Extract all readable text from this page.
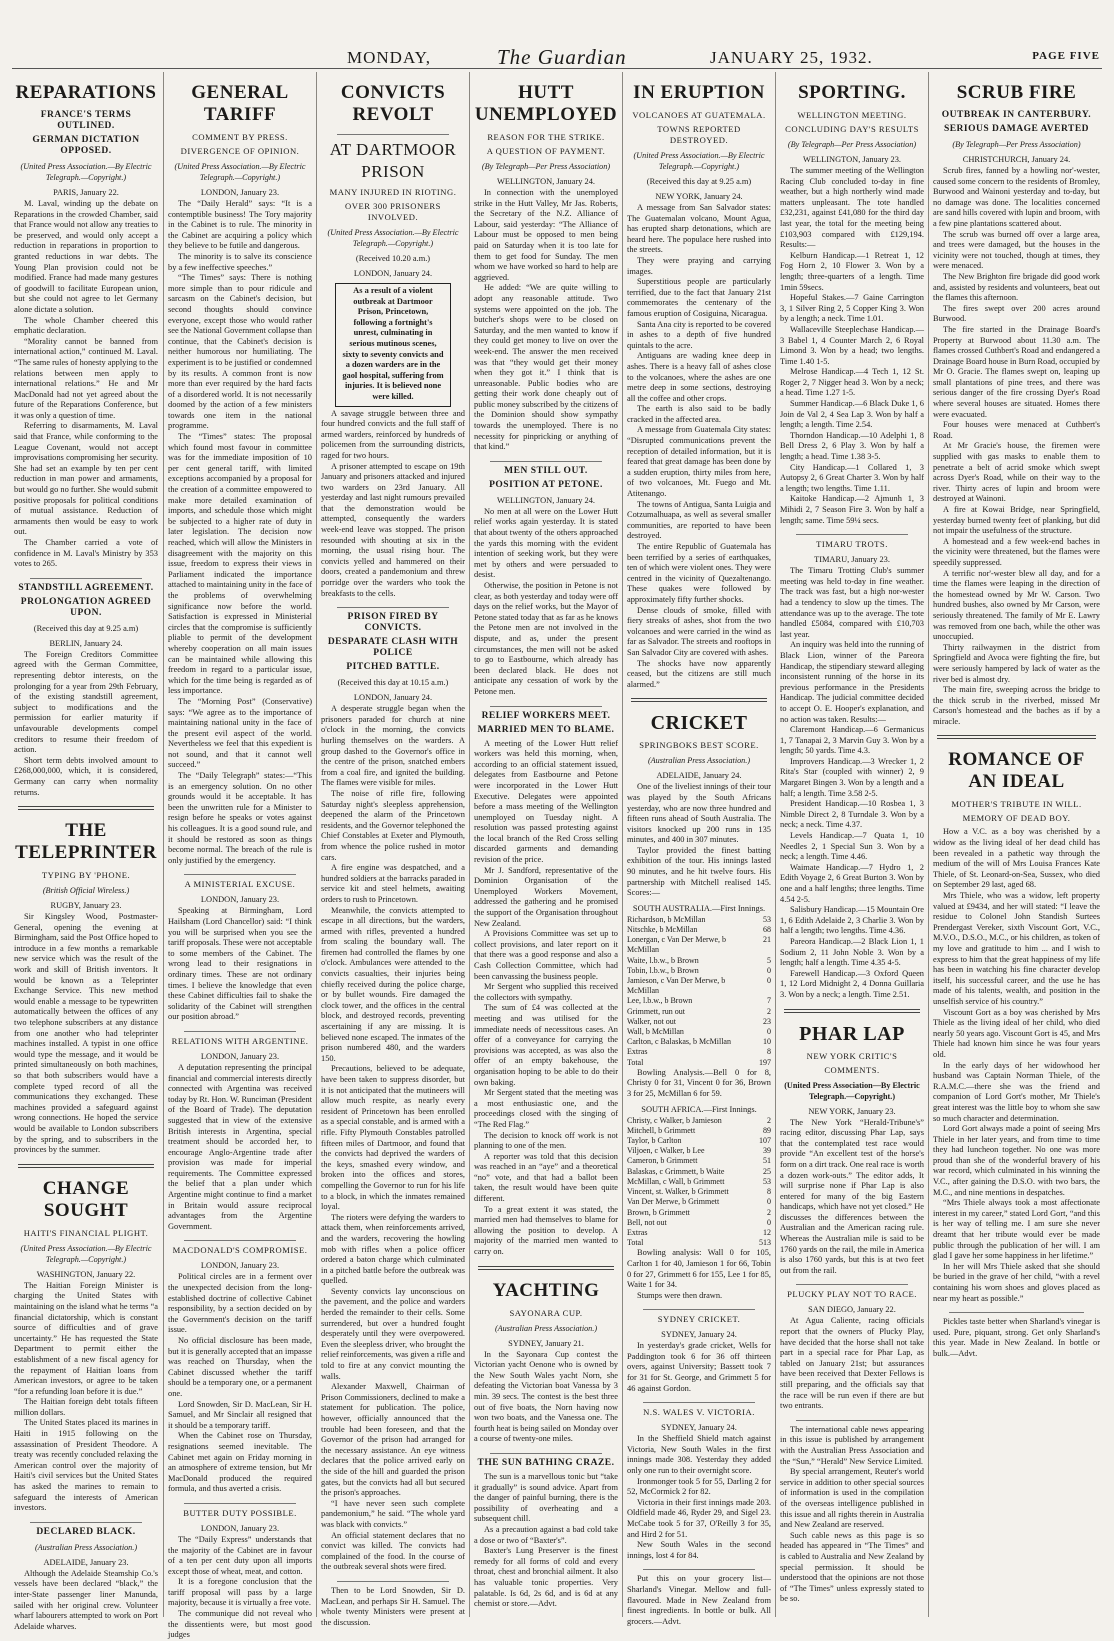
MONDAY,	The Guardian	JANUARY 25, 1932.	PAGE FIVE
REPARATIONS
FRANCE'S TERMS OUTLINED.
GERMAN DICTATION OPPOSED.
(United Press Association.—By Electric Telegraph.—Copyright.)
PARIS, January 22.

M. Laval, winding up the debate on Reparations in the crowded Chamber, said that France would not allow any treaties to be preserved, and would only accept a reduction in reparations in proportion to granted reductions in war debts. The Young Plan provision could not be modified. France had made many gestures of goodwill to facilitate European union, but she could not agree to let Germany alone dictate a solution.

The whole Chamber cheered this emphatic declaration.

“Morality cannot be banned from international action,” continued M. Laval. “The same rules of honesty applying to the relations between men apply to international relations.” He and Mr MacDonald had not yet agreed about the future of the Reparations Conference, but it was only a question of time.

Referring to disarmaments, M. Laval said that France, while conforming to the League Covenant, would not accept improvisations compromising her security. She had set an example by ten per cent reduction in man power and armaments, but would go no further. She would submit positive proposals for political conditions of mutual assistance. Reduction of armaments then would be easy to work out.

The Chamber carried a vote of confidence in M. Laval's Ministry by 353 votes to 265.

STANDSTILL AGREEMENT.
PROLONGATION AGREED UPON.
(Received this day at 9.25 a.m)
BERLIN, January 24.

The Foreign Creditors Committee agreed with the German Committee, representing debtor interests, on the prolonging for a year from 29th February, of the existing standstill agreement, subject to modifications and the permission for earlier maturity if unfavourable developments compel creditors to resume their freedom of action.

Short term debts involved amount to £268,000,000, which, it is considered, Germany can carry when normality returns.

THE TELEPRINTER
TYPING BY 'PHONE.
(British Official Wireless.)
RUGBY, January 23.

Sir Kingsley Wood, Postmaster-General, opening the evening at Birmingham, said the Post Office hoped to introduce in a few months a remarkable new service which was the result of the work and skill of British inventors. It would be known as a Teleprinter Exchange Service. This new method would enable a message to be typewritten automatically between the offices of any two telephone subscribers at any distance from one another who had teleprinter machines installed. A typist in one office would type the message, and it would be printed simultaneously on both machines, so that both subscribers would have a complete typed record of all the communications they exchanged. These machines provided a safeguard against wrong connections. He hoped the service would be available to London subscribers by the spring, and to subscribers in the provinces by the summer.

CHANGE SOUGHT
HAITI'S FINANCIAL PLIGHT.
(United Press Association.—By Electric Telegraph.—Copyright.)
WASHINGTON, January 22.

The Haitian Foreign Minister is charging the United States with maintaining on the island what he terms “a financial dictatorship, which is constant source of difficulties and of grave uncertainty.” He has requested the State Department to permit either the establishment of a new fiscal agency for the repayment of Haitian loans from American investors, or agree to be taken “for a refunding loan before it is due.”

The Haitian foreign debt totals fifteen million dollars.

The United States placed its marines in Haiti in 1915 following on the assassination of President Theodore. A treaty was recently concluded relaxing the American control over the majority of Haiti's civil services but the United States has asked the marines to remain to safeguard the interests of American investors.

DECLARED BLACK.
(Australian Press Association.)
ADELAIDE, January 23.

Although the Adelaide Steamship Co.'s vessels have been declared “black,” the inter-State passenger liner Manunda, sailed with her original crew. Volunteer wharf labourers attempted to work on Port Adelaide wharves.

GENERAL TARIFF
COMMENT BY PRESS.
DIVERGENCE OF OPINION.
(United Press Association.—By Electric Telegraph.—Copyright.)
LONDON, January 23.

The “Daily Herald” says: “It is a contemptible business! The Tory majority in the Cabinet is to rule. The minority in the Cabinet are acquiring a policy which they believe to be futile and dangerous.

The minority is to salve its conscience by a few ineffective speeches.”

“The Times” says: There is nothing more simple than to pour ridicule and sarcasm on the Cabinet's decision, but second thoughts should convince everyone, except those who would rather see the National Government collapse than continue, that the Cabinet's decision is neither humorous nor humiliating. The experiment is to be justified or condemned by its results. A common front is now more than ever required by the hard facts of a disordered world. It is not necessarily doomed by the action of a few ministers towards one item in the national programme.

The “Times” states: The proposal which found most favour in committee was for the immediate imposition of 10 per cent general tariff, with limited exceptions accompanied by a proposal for the creation of a committee empowered to make more detailed examination of imports, and schedule those which might be subjected to a higher rate of duty in later legislation. The decision now reached, which will allow the Ministers in disagreement with the majority on this issue, freedom to express their views in Parliament indicated the importance attached to maintaining unity in the face of the problems of overwhelming significance now before the world. Satisfaction is expressed in Ministerial circles that the compromise is sufficiently pliable to permit of the development whereby cooperation on all main issues can be maintained while allowing this freedom in regard to a particular issue, which for the time being is regarded as of less importance.

The “Morning Post” (Conservative) says: “We agree as to the importance of maintaining national unity in the face of the present evil aspect of the world. Nevertheless we feel that this expedient is not sound, and that it cannot well succeed.”

The “Daily Telegraph” states:—“This is an emergency solution. On no other grounds would it be acceptable. It has been the unwritten rule for a Minister to resign before he speaks or votes against his colleagues. It is a good sound rule, and it should be restored as soon as things become normal. The breach of the rule is only justified by the emergency.

A MINISTERIAL EXCUSE.
LONDON, January 23.

Speaking at Birmingham, Lord Hailsham (Lord Chancellor) said: “I think you will be surprised when you see the tariff proposals. These were not acceptable to some members of the Cabinet. The wrong lead to their resignations in ordinary times. These are not ordinary times. I believe the knowledge that even these Cabinet difficulties fail to shake the solidarity of the Cabinet will strengthen our position abroad.”

RELATIONS WITH ARGENTINE.
LONDON, January 23.

A deputation representing the principal financial and commercial interests directly connected with Argentina was received today by Rt. Hon. W. Runciman (President of the Board of Trade). The deputation suggested that in view of the extensive British interests in Argentina, special treatment should be accorded her, to encourage Anglo-Argentine trade after provision was made for imperial requirements. The Committee expressed the belief that a plan under which Argentine might continue to find a market in Britain would assure reciprocal advantages from the Argentine Government.

MACDONALD'S COMPROMISE.
LONDON, January 23.

Political circles are in a ferment over the unexpected decision from the long-established doctrine of collective Cabinet responsibility, by a section decided on by the Government's decision on the tariff issue.

No official disclosure has been made, but it is generally accepted that an impasse was reached on Thursday, when the Cabinet discussed whether the tariff should be a temporary one, or a permanent one.

Lord Snowden, Sir D. MacLean, Sir H. Samuel, and Mr Sinclair all resigned that it should be a temporary tariff.

When the Cabinet rose on Thursday, resignations seemed inevitable. The Cabinet met again on Friday morning in an atmosphere of extreme tension, but Mr MacDonald produced the required formula, and thus averted a crisis.

BUTTER DUTY POSSIBLE.
LONDON, January 23.

The “Daily Express” understands that the majority of the Cabinet are in favour of a ten per cent duty upon all imports except those of wheat, meat, and cotton.

It is a foregone conclusion that the tariff proposal will pass by a large majority, because it is virtually a free vote.

The communique did not reveal who the dissentients were, but most good judges

CONVICTS REVOLT
AT DARTMOOR PRISON
MANY INJURED IN RIOTING.
OVER 300 PRISONERS INVOLVED.
(United Press Association.—By Electric Telegraph.—Copyright.)
(Received 10.20 a.m.)
LONDON, January 24.
As a result of a violent outbreak at Dartmoor Prison, Princetown, following a fortnight's unrest, culminating in serious mutinous scenes, sixty to seventy convicts and a dozen warders are in the gaol hospital, suffering from injuries. It is believed none were killed.

A savage struggle between three and four hundred convicts and the full staff of armed warders, reinforced by hundreds of policemen from the surrounding districts, raged for two hours.

A prisoner attempted to escape on 19th January and prisoners attacked and injured two warders on 23rd January. All yesterday and last night rumours prevailed that the demonstration would be attempted, consequently the warders week-end leave was stopped. The prison resounded with shouting at six in the morning, the usual rising hour. The convicts yelled and hammered on their doors, created a pandemonium and threw porridge over the warders who took the breakfasts to the cells.

PRISON FIRED BY CONVICTS.
DESPARATE CLASH WITH POLICE
PITCHED BATTLE.
(Received this day at 10.15 a.m.)
LONDON, January 24.

A desperate struggle began when the prisoners paraded for church at nine o'clock in the morning, the convicts hurling themselves on the warders. A group dashed to the Governor's office in the centre of the prison, snatched embers from a coal fire, and ignited the building. The flames were visible for miles.

The noise of rifle fire, following Saturday night's sleepless apprehension, deepened the alarm of the Princetown residents, and the Governor telephoned the Chief Constables at Exeter and Plymouth, from whence the police rushed in motor cars.

A fire engine was despatched, and a hundred soldiers at the barracks paraded in service kit and steel helmets, awaiting orders to rush to Princetown.

Meanwhile, the convicts attempted to escape in all directions, but the warders, armed with rifles, prevented a hundred from scaling the boundary wall. The firemen had controlled the flames by one o'clock. Ambulances were attended to the convicts casualties, their injuries being chiefly received during the police charge, or by bullet wounds. Fire damaged the clock tower, and the offices in the central block, and destroyed records, preventing ascertaining if any are missing. It is believed none escaped. The inmates of the prison numbered 480, and the warders 150.

Precautions, believed to be adequate, have been taken to suppress disorder, but it is not anticipated that the mutineers will allow much respite, as nearly every resident of Princetown has been enrolled as a special constable, and is armed with a rifle. Fifty Plymouth Constables patrolled fifteen miles of Dartmoor, and found that the convicts had deprived the warders of the keys, smashed every window, and broken into the offices and stores, compelling the Governor to run for his life to a block, in which the inmates remained loyal.

The rioters were defying the warders to attack them, when reinforcements arrived, and the warders, recovering the howling mob with rifles when a police officer ordered a baton charge which culminated in a pitched battle before the outbreak was quelled.

Seventy convicts lay unconscious on the pavement, and the police and warders herded the remainder to their cells. Some surrendered, but over a hundred fought desperately until they were overpowered. Even the sleepless driver, who brought the relief reinforcements, was given a rifle and told to fire at any convict mounting the walls.

Alexander Maxwell, Chairman of Prison Commissioners, declined to make a statement for publication. The police, however, officially announced that the trouble had been foreseen, and that the Governor of the prison had arranged for the necessary assistance. An eye witness declares that the police arrived early on the side of the hill and guarded the prison gates, but the convicts had all but secured the prison's approaches.

“I have never seen such complete pandemonium,” he said. “The whole yard was black with convicts.”

An official statement declares that no convict was killed. The convicts had complained of the food. In the course of the outbreak several shots were fired.

Then to be Lord Snowden, Sir D. MacLean, and perhaps Sir H. Samuel. The whole twenty Ministers were present at the discussion.
HUTT UNEMPLOYED
REASON FOR THE STRIKE.
A QUESTION OF PAYMENT.
(By Telegraph—Per Press Association)
WELLINGTON, January 24.

In connection with the unemployed strike in the Hutt Valley, Mr Jas. Roberts, the Secretary of the N.Z. Alliance of Labour, said yesterday: “The Alliance of Labour must be opposed to men being paid on Saturday when it is too late for them to get food for Sunday. The men whom we have worked so hard to help are aggrieved.

He added: “We are quite willing to adopt any reasonable attitude. Two systems were appointed on the job. The butcher's shops were to be closed on Saturday, and the men wanted to know if they could get money to live on over the week-end. The answer the men received was that “they would get their money when they got it.” I think that is unreasonable. Public bodies who are getting their work done cheaply out of public money subscribed by the citizens of the Dominion should show sympathy towards the unemployed. There is no necessity for pinpricking or anything of that kind.”

MEN STILL OUT.
POSITION AT PETONE.
WELLINGTON, January 24.

No men at all were on the Lower Hutt relief works again yesterday. It is stated that about twenty of the others approached the yards this morning with the evident intention of seeking work, but they were met by others and were persuaded to desist.

Otherwise, the position in Petone is not clear, as both yesterday and today were off days on the relief works, but the Mayor of Petone stated today that as far as he knows the Petone men are not involved in the dispute, and as, under the present circumstances, the men will not be asked to go to Eastbourne, which already has been declared black. He does not anticipate any cessation of work by the Petone men.

RELIEF WORKERS MEET.
MARRIED MEN TO BLAME.

A meeting of the Lower Hutt relief workers was held this morning, when, according to an official statement issued, delegates from Eastbourne and Petone were incorporated in the Lower Hutt Executive. Delegates were appointed before a mass meeting of the Wellington unemployed on Tuesday night. A resolution was passed protesting against the local branch of the Red Cross selling discarded garments and demanding revision of the price.

Mr J. Sandford, representative of the Dominion Organisation of the Unemployed Workers Movement, addressed the gathering and he promised the support of the Organisation throughout New Zealand.

A Provisions Committee was set up to collect provisions, and later report on it that there was a good response and also a Cash Collection Committee, which had been canvassing the business people.

Mr Sergent who supplied this received the collectors with sympathy.

The sum of £4 was collected at the meeting and was utilised for the immediate needs of necessitous cases. An offer of a conveyance for carrying the provisions was accepted, as was also the offer of an empty bakehouse, the organisation hoping to be able to do their own baking.

Mr Sergent stated that the meeting was a most enthusiastic one, and the proceedings closed with the singing of “The Red Flag.”

The decision to knock off work is not planning to one of the men.

A reporter was told that this decision was reached in an “aye” and a theoretical “no” vote, and that had a ballot been taken, the result would have been quite different.

To a great extent it was stated, the married men had themselves to blame for allowing the position to develop. A majority of the married men wanted to carry on.

YACHTING
SAYONARA CUP.
(Australian Press Association.)
SYDNEY, January 21.

In the Sayonara Cup contest the Victorian yacht Oenone who is owned by the New South Wales yacht Norn, she defeating the Victorian boat Vanessa by 3 min. 39 secs. The contest is the best three out of five boats, the Norn having now won two boats, and the Vanessa one. The fourth heat is being sailed on Monday over a course of twenty-one miles.

THE SUN BATHING CRAZE.

The sun is a marvellous tonic but “take it gradually” is sound advice. Apart from the danger of painful burning, there is the possibility of overheating and a subsequent chill.

As a precaution against a bad cold take a dose or two of “Baxter's”.

Baxter's Lung Preserver is the finest remedy for all forms of cold and every throat, chest and bronchial ailment. It also has valuable tonic properties. Very palatable. Is 6d, 2s 6d, and is 6d at any chemist or store.—Advt.

IN ERUPTION
VOLCANOES AT GUATEMALA.
TOWNS REPORTED DESTROYED.
(United Press Association.—By Electric Telegraph.—Copyright.)
(Received this day at 9.25 a.m)
NEW YORK, January 24.

A message from San Salvador states: The Guatemalan volcano, Mount Agua, has erupted sharp detonations, which are heard here. The populace here rushed into the streets.

They were praying and carrying images.

Superstitious people are particularly terrified, due to the fact that January 21st commemorates the centenary of the famous eruption of Cosiguina, Nicaragua.

Santa Ana city is reported to be covered in ashes to a depth of five hundred quintals to the acre.

Antiguans are wading knee deep in ashes. There is a heavy fall of ashes close to the volcanoes, where the ashes are one metre deep in some sections, destroying all the coffee and other crops.

The earth is also said to be badly cracked in the affected area.

A message from Guatemala City states: “Disrupted communications prevent the reception of detailed information, but it is feared that great damage has been done by a sudden eruption, thirty miles from here, of two volcanoes, Mt. Fuego and Mt. Atitenango.

The towns of Antigua, Santa Luigia and Cotzumalhuapa, as well as several smaller communities, are reported to have been destroyed.

The entire Republic of Guatemala has been terrified by a series of earthquakes, ten of which were violent ones. They were centred in the vicinity of Quezaltenango. These quakes were followed by approximately fifty further shocks.

Dense clouds of smoke, filled with fiery streaks of ashes, shot from the two volcanoes and were carried in the wind as far as Salvador. The streets and rooftops in San Salvador City are covered with ashes.

The shocks have now apparently ceased, but the citizens are still much alarmed.”

CRICKET
SPRINGBOKS BEST SCORE.
(Australian Press Association.)
ADELAIDE, January 24.

One of the liveliest innings of their tour was played by the South Africans yesterday, who are now three hundred and fifteen runs ahead of South Australia. The visitors knocked up 200 runs in 135 minutes, and 400 in 307 minutes.

Taylor provided the finest batting exhibition of the tour. His innings lasted 90 minutes, and he hit twelve fours. His partnership with Mitchell realised 145. Scores:—

SOUTH AUSTRALIA.—First Innings.
Richardson, b McMillan	53
Nitschke, b McMillan	68
Lonergan, c Van Der Merwe, b McMillan
21
Waite, l.b.w., b Brown	5
Tobin, l.b.w., b Brown	0
Jamieson, c Van Der Merwe, b McMillan
0
Lee, l.b.w., b Brown	7
Grimmett, run out	2
Walker, not out	23
Wall, b McMillan	0
Carlton, c Balaskas, b McMillan	10
Extras	8
Total	197
Bowling Analysis.—Bell 0 for 8, Christy 0 for 31, Vincent 0 for 36, Brown 3 for 25, McMillan 6 for 59.
SOUTH AFRICA.—First Innings.
Christy, c Walker, b Jamieson	2
Mitchell, b Grimmett	89
Taylor, b Carlton	107
Viljoen, c Walker, b Lee	39
Cameron, b Grimmett	51
Balaskas, c Grimmett, b Waite	25
McMillan, c Wall, b Grimmett	53
Vincent, st. Walker, b Grimmett	8
Van Der Merwe, b Grimmett	0
Brown, b Grimmett	2
Bell, not out	0
Extras	12
Total	513
Bowling analysis: Wall 0 for 105, Carlton 1 for 40, Jamieson 1 for 66, Tobin 0 for 27, Grimmett 6 for 155, Lee 1 for 85, Waite 1 for 34.
Stumps were then drawn.
SYDNEY CRICKET.
SYDNEY, January 24.

In yesterday's grade cricket, Wells for Paddington took 6 for 36 off thirteen overs, against University; Bassett took 7 for 31 for St. George, and Grimmett 5 for 46 against Gordon.

N.S. WALES V. VICTORIA.
SYDNEY, January 24.

In the Sheffield Shield match against Victoria, New South Wales in the first innings made 308. Yesterday they added only one run to their overnight score.

Ironmonger took 5 for 55, Darling 2 for 52, McCormick 2 for 82.

Victoria in their first innings made 203. Oldfield made 46, Ryder 29, and Sigel 23. McCabe took 5 for 37, O'Reilly 3 for 35, and Hird 2 for 51.

New South Wales in the second innings, lost 4 for 84.

Put this on your grocery list—Sharland's Vinegar. Mellow and full-flavoured. Made in New Zealand from finest ingredients. In bottle or bulk. All grocers.—Advt.

SPORTING.
WELLINGTON MEETING.
CONCLUDING DAY'S RESULTS
(By Telegraph—Per Press Association)
WELLINGTON, January 23.

The summer meeting of the Wellington Racing Club concluded to-day in fine weather, but a high northerly wind made matters unpleasant. The tote handled £32,231, against £41,080 for the third day last year, the total for the meeting being £103,903 compared with £129,194. Results:—

Kelburn Handicap.—1 Retreat 1, 12 Fog Horn 2, 10 Flower 3. Won by a length; three-quarters of a length. Time 1min 59secs.

Hopeful Stakes.—7 Gaine Carrington 3, 1 Silver Ring 2, 5 Copper King 3. Won by a length; a neck. Time 1.01.

Wallaceville Steeplechase Handicap.—3 Babel 1, 4 Counter March 2, 6 Royal Limond 3. Won by a head; two lengths. Time 1.40 1-5.

Melrose Handicap.—4 Tech 1, 12 St. Roger 2, 7 Nigger head 3. Won by a neck; a head. Time 1.27 1-5.

Summer Handicap.—6 Black Duke 1, 6 Join de Val 2, 4 Sea Lap 3. Won by half a length; a length. Time 2.54.

Thorndon Handicap.—10 Adelphi 1, 8 Bell Dress 2, 6 Play 3. Won by half a length; a head. Time 1.38 3-5.

City Handicap.—1 Collared 1, 3 Autopsy 2, 6 Great Charter 3. Won by half a length; two lengths. Time 1.11.

Kaitoke Handicap.—2 Ajmunh 1, 3 Mihidi 2, 7 Season Fire 3. Won by half a length; same. Time 59¼ secs.

TIMARU TROTS.
TIMARU, January 23.

The Timaru Trotting Club's summer meeting was held to-day in fine weather. The track was fast, but a high nor-wester had a tendency to slow up the times. The attendance was up to the average. The tote handled £5084, compared with £10,703 last year.

An inquiry was held into the running of Black Lion, winner of the Pareora Handicap, the stipendiary steward alleging inconsistent running of the horse in its previous performance in the Presidents Handicap. The judicial committee decided to accept O. E. Hooper's explanation, and no action was taken. Results:—

Claremont Handicap.—6 Germanicus 1, 7 Tanapai 2, 3 Marvin Guy 3. Won by a length; 50 yards. Time 4.3.

Improvers Handicap.—3 Wrecker 1, 2 Rita's Star (coupled with winner) 2, 9 Margaret Bingen 3. Won by a length and a half; a length. Time 3.58 2-5.

President Handicap.—10 Rosbea 1, 3 Nimble Direct 2, 8 Turndale 3. Won by a neck; a neck. Time 4.37.

Levels Handicap.—7 Quata 1, 10 Needles 2, 1 Special Sun 3. Won by a neck; a length. Time 4.46.

Waimate Handicap.—7 Hydro 1, 2 Edith Voyage 2, 6 Great Burton 3. Won by one and a half lengths; three lengths. Time 4.54 2-5.

Salisbury Handicap.—15 Mountain Ore 1, 6 Edith Adelaide 2, 3 Charlie 3. Won by half a length; two lengths. Time 4.36.

Pareora Handicap.—2 Black Lion 1, 1 Sodium 2, 11 John Noble 3. Won by a length; half a length. Time 4.35 4-5.

Farewell Handicap.—3 Oxford Queen 1, 12 Lord Midnight 2, 4 Donna Guillaria 3. Won by a neck; a length. Time 2.51.

PHAR LAP
NEW YORK CRITIC'S
COMMENTS.
(United Press Association—By Electric Telegraph.—Copyright.)
NEW YORK, January 23.

The New York “Herald-Tribune's” racing editor, discussing Phar Lap, says that the contemplated test race would provide “An excellent test of the horse's form on a dirt track. One real race is worth a dozen work-outs.” The editor adds, It will surprise none if Phar Lap is also entered for many of the big Eastern handicaps, which have not yet closed.” He discusses the differences between the Australian and the American racing rule. Whereas the Australian mile is said to be 1760 yards on the rail, the mile in America is also 1760 yards, but this is at two feet out from the rail.

PLUCKY PLAY NOT TO RACE.
SAN DIEGO, January 22.

At Agua Caliente, racing officials report that the owners of Plucky Play, have decided that the horse shall not take part in a special race for Phar Lap, as tabled on January 21st; but assurances have been received that Dexter Fellows is still preparing, and the officials say that the race will be run even if there are but two entrants.

The international cable news appearing in this issue is published by arrangement with the Australian Press Association and the “Sun,” “Herald” New Service Limited.

By special arrangement, Reuter's world service in addition to other special sources of information is used in the compilation of the overseas intelligence published in this issue and all rights therein in Australia and New Zealand are reserved.

Such cable news as this page is so headed has appeared in “The Times” and is cabled to Australia and New Zealand by special permission. It should be understood that the opinions are not those of “The Times” unless expressly stated to be so.

SCRUB FIRE
OUTBREAK IN CANTERBURY.
SERIOUS DAMAGE AVERTED
(By Telegraph—Per Press Association)
CHRISTCHURCH, January 24.

Scrub fires, fanned by a howling nor'-wester, caused some concern to the residents of Bromley, Burwood and Wainoni yesterday and to-day, but no damage was done. The localities concerned are sand hills covered with lupin and broom, with a few pine plantations scattered about.

The scrub was burned off over a large area, and trees were damaged, but the houses in the vicinity were not touched, though at times, they were menaced.

The New Brighton fire brigade did good work and, assisted by residents and volunteers, beat out the flames this afternoon.

The fires swept over 200 acres around Burwood.

The fire started in the Drainage Board's Property at Burwood about 11.30 a.m. The flames crossed Cuthbert's Road and endangered a Drainage Board house in Burn Road, occupied by Mr O. Gracie. The flames swept on, leaping up small plantations of pine trees, and there was serious danger of the fire crossing Dyer's Road where several houses are situated. Homes there were evacuated.

Four houses were menaced at Cuthbert's Road.

At Mr Gracie's house, the firemen were supplied with gas masks to enable them to penetrate a belt of acrid smoke which swept across Dyer's Road, while on their way to the river. Thirty acres of lupin and broom were destroyed at Wainoni.

A fire at Kowai Bridge, near Springfield, yesterday burned twenty feet of planking, but did not impair the usefulness of the structure.

A homestead and a few week-end baches in the vicinity were threatened, but the flames were speedily suppressed.

A terrific nor'-wester blew all day, and for a time the flames were leaping in the direction of the homestead owned by Mr W. Carson. Two hundred bushes, also owned by Mr Carson, were seriously threatened. The family of Mr E. Lawry was removed from one bach, while the other was unoccupied.

Thirty railwaymen in the district from Springfield and Avoca were fighting the fire, but were seriously hampered by lack of water as the river bed is almost dry.

The main fire, sweeping across the bridge to the thick scrub in the riverbed, missed Mr Carson's homestead and the baches as if by a miracle.

ROMANCE OF AN IDEAL
MOTHER'S TRIBUTE IN WILL.
MEMORY OF DEAD BOY.

How a V.C. as a boy was cherished by a widow as the living ideal of her dead child has been revealed in a pathetic way through the medium of the will of Mrs Louisa Frances Kate Thiele, of St. Leonard-on-Sea, Sussex, who died on September 29 last, aged 68.

Mrs Thiele, who was a widow, left property valued at £9434, and her will stated: “I leave the residue to Colonel John Standish Surtees Prendergast Vereker, sixth Viscount Gort, V.C., M.V.O., D.S.O., M.C., or his children, as token of my love and gratitude to him ... and I wish to express to him that the great happiness of my life has been in watching his fine character develop itself, his successful career, and the use he has made of his talents, wealth, and position in the unselfish service of his country.”

Viscount Gort as a boy was cherished by Mrs Thiele as the living ideal of her child, who died nearly 50 years ago. Viscount Gort is 45, and Mrs Thiele had known him since he was four years old.

In the early days of her widowhood her husband was Captain Norman Thiele, of the R.A.M.C.—there she was the friend and companion of Lord Gort's mother, Mr Thiele's great interest was the little boy to whom she saw so much character and determination.

Lord Gort always made a point of seeing Mrs Thiele in her later years, and from time to time they had luncheon together. No one was more proud than she of the wonderful bravery of his war record, which culminated in his winning the V.C., after gaining the D.S.O. with two bars, the M.C., and nine mentions in despatches.

“Mrs Thiele always took a most affectionate interest in my career,” stated Lord Gort, “and this is her way of telling me. I am sure she never dreamt that her tribute would ever be made public through the publication of her will. I am glad I gave her some happiness in her lifetime.”

In her will Mrs Thiele asked that she should be buried in the grave of her child, “with a revel containing his worn shoes and gloves placed as near my heart as possible.”

Pickles taste better when Sharland's vinegar is used. Pure, piquant, strong. Get only Sharland's this year. Made in New Zealand. In bottle or bulk.—Advt.
